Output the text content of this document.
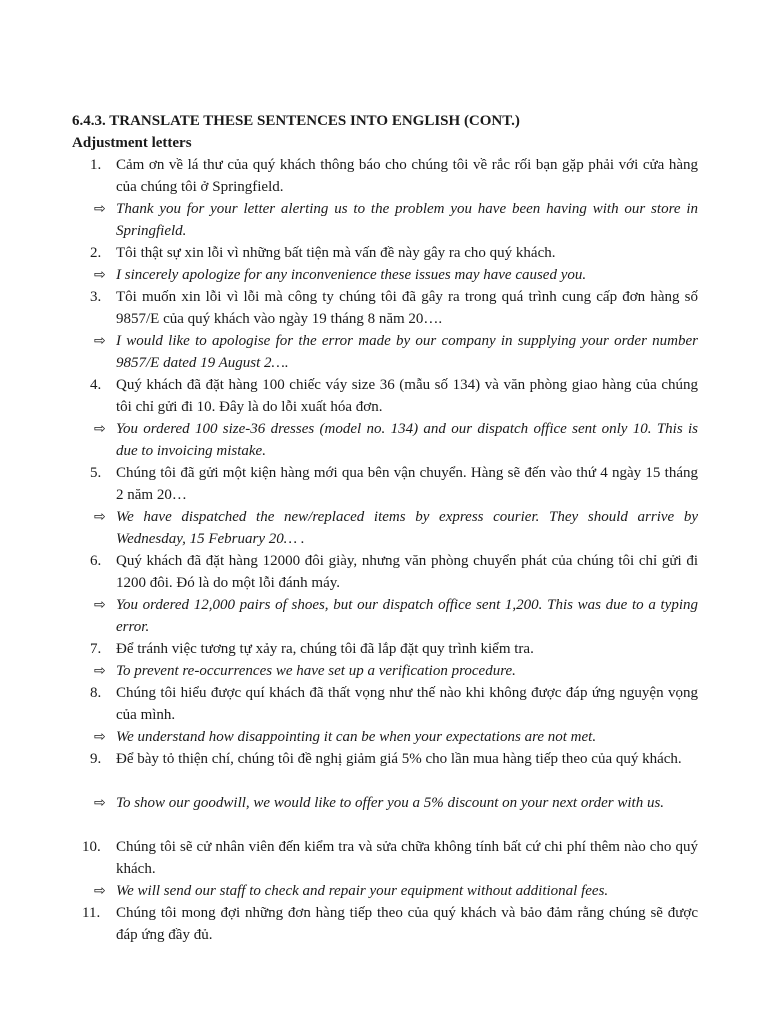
6.4.3. TRANSLATE THESE SENTENCES INTO ENGLISH (CONT.)
Adjustment letters
1. Cảm ơn về lá thư của quý khách thông báo cho chúng tôi về rắc rối bạn gặp phải với cửa hàng của chúng tôi ở Springfield.
⇨ Thank you for your letter alerting us to the problem you have been having with our store in Springfield.
2. Tôi thật sự xin lỗi vì những bất tiện mà vấn đề này gây ra cho quý khách.
⇨ I sincerely apologize for any inconvenience these issues may have caused you.
3. Tôi muốn xin lỗi vì lỗi mà công ty chúng tôi đã gây ra trong quá trình cung cấp đơn hàng số 9857/E của quý khách vào ngày 19 tháng 8 năm 20….
⇨ I would like to apologise for the error made by our company in supplying your order number 9857/E dated 19 August 2….
4. Quý khách đã đặt hàng 100 chiếc váy size 36 (mẫu số 134) và văn phòng giao hàng của chúng tôi chỉ gửi đi 10. Đây là do lỗi xuất hóa đơn.
⇨ You ordered 100 size-36 dresses (model no. 134) and our dispatch office sent only 10. This is due to invoicing mistake.
5. Chúng tôi đã gửi một kiện hàng mới qua bên vận chuyển. Hàng sẽ đến vào thứ 4 ngày 15 tháng 2 năm 20…
⇨ We have dispatched the new/replaced items by express courier. They should arrive by Wednesday, 15 February 20… .
6. Quý khách đã đặt hàng 12000 đôi giày, nhưng văn phòng chuyển phát của chúng tôi chỉ gửi đi 1200 đôi. Đó là do một lỗi đánh máy.
⇨ You ordered 12,000 pairs of shoes, but our dispatch office sent 1,200. This was due to a typing error.
7. Để tránh việc tương tự xảy ra, chúng tôi đã lắp đặt quy trình kiểm tra.
⇨ To prevent re-occurrences we have set up a verification procedure.
8. Chúng tôi hiểu được quí khách đã thất vọng như thế nào khi không được đáp ứng nguyện vọng của mình.
⇨ We understand how disappointing it can be when your expectations are not met.
9. Để bày tỏ thiện chí, chúng tôi đề nghị giảm giá 5% cho lần mua hàng tiếp theo của quý khách.
⇨ To show our goodwill, we would like to offer you a 5% discount on your next order with us.
10. Chúng tôi sẽ cử nhân viên đến kiểm tra và sửa chữa không tính bất cứ chi phí thêm nào cho quý khách.
⇨ We will send our staff to check and repair your equipment without additional fees.
11. Chúng tôi mong đợi những đơn hàng tiếp theo của quý khách và bảo đảm rằng chúng sẽ được đáp ứng đầy đủ.
